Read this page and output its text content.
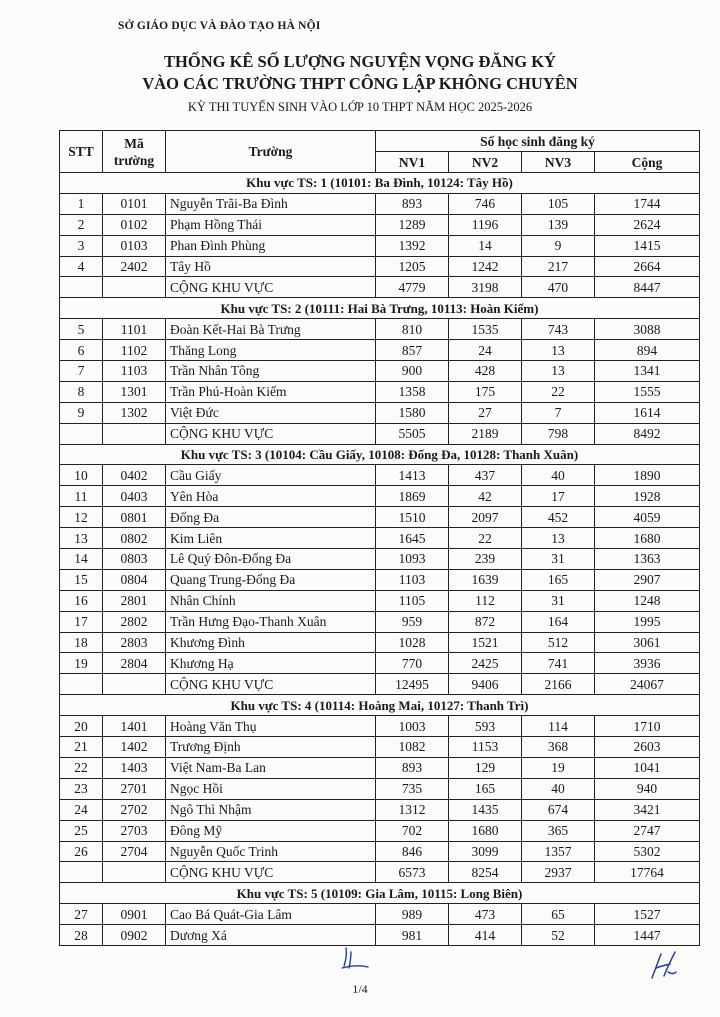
SỞ GIÁO DỤC VÀ ĐÀO TẠO HÀ NỘI
THỐNG KÊ SỐ LƯỢNG NGUYỆN VỌNG ĐĂNG KÝ
VÀO CÁC TRƯỜNG THPT CÔNG LẬP KHÔNG CHUYÊN
KỲ THI TUYỂN SINH VÀO LỚP 10 THPT NĂM HỌC 2025-2026
STT	Mã trường	Trường	Số học sinh đăng ký			
			NV1	NV2	NV3	Cộng
Khu vực TS: 1 (10101: Ba Đình, 10124: Tây Hồ)						
1	0101	Nguyễn Trãi-Ba Đình	893	746	105	1744
2	0102	Phạm Hồng Thái	1289	1196	139	2624
3	0103	Phan Đình Phùng	1392	14	9	1415
4	2402	Tây Hồ	1205	1242	217	2664
		CỘNG KHU VỰC	4779	3198	470	8447
Khu vực TS: 2 (10111: Hai Bà Trưng, 10113: Hoàn Kiếm)						
5	1101	Đoàn Kết-Hai Bà Trưng	810	1535	743	3088
6	1102	Thăng Long	857	24	13	894
7	1103	Trần Nhân Tông	900	428	13	1341
8	1301	Trần Phú-Hoàn Kiếm	1358	175	22	1555
9	1302	Việt Đức	1580	27	7	1614
		CỘNG KHU VỰC	5505	2189	798	8492
Khu vực TS: 3 (10104: Cầu Giấy, 10108: Đống Đa, 10128: Thanh Xuân)						
10	0402	Cầu Giấy	1413	437	40	1890
11	0403	Yên Hòa	1869	42	17	1928
12	0801	Đống Đa	1510	2097	452	4059
13	0802	Kim Liên	1645	22	13	1680
14	0803	Lê Quý Đôn-Đống Đa	1093	239	31	1363
15	0804	Quang Trung-Đống Đa	1103	1639	165	2907
16	2801	Nhân Chính	1105	112	31	1248
17	2802	Trần Hưng Đạo-Thanh Xuân	959	872	164	1995
18	2803	Khương Đình	1028	1521	512	3061
19	2804	Khương Hạ	770	2425	741	3936
		CỘNG KHU VỰC	12495	9406	2166	24067
Khu vực TS: 4 (10114: Hoàng Mai, 10127: Thanh Trì)						
20	1401	Hoàng Văn Thụ	1003	593	114	1710
21	1402	Trương Định	1082	1153	368	2603
22	1403	Việt Nam-Ba Lan	893	129	19	1041
23	2701	Ngọc Hồi	735	165	40	940
24	2702	Ngô Thì Nhậm	1312	1435	674	3421
25	2703	Đông Mỹ	702	1680	365	2747
26	2704	Nguyễn Quốc Trinh	846	3099	1357	5302
		CỘNG KHU VỰC	6573	8254	2937	17764
Khu vực TS: 5 (10109: Gia Lâm, 10115: Long Biên)						
27	0901	Cao Bá Quát-Gia Lâm	989	473	65	1527
28	0902	Dương Xá	981	414	52	1447
1/4
